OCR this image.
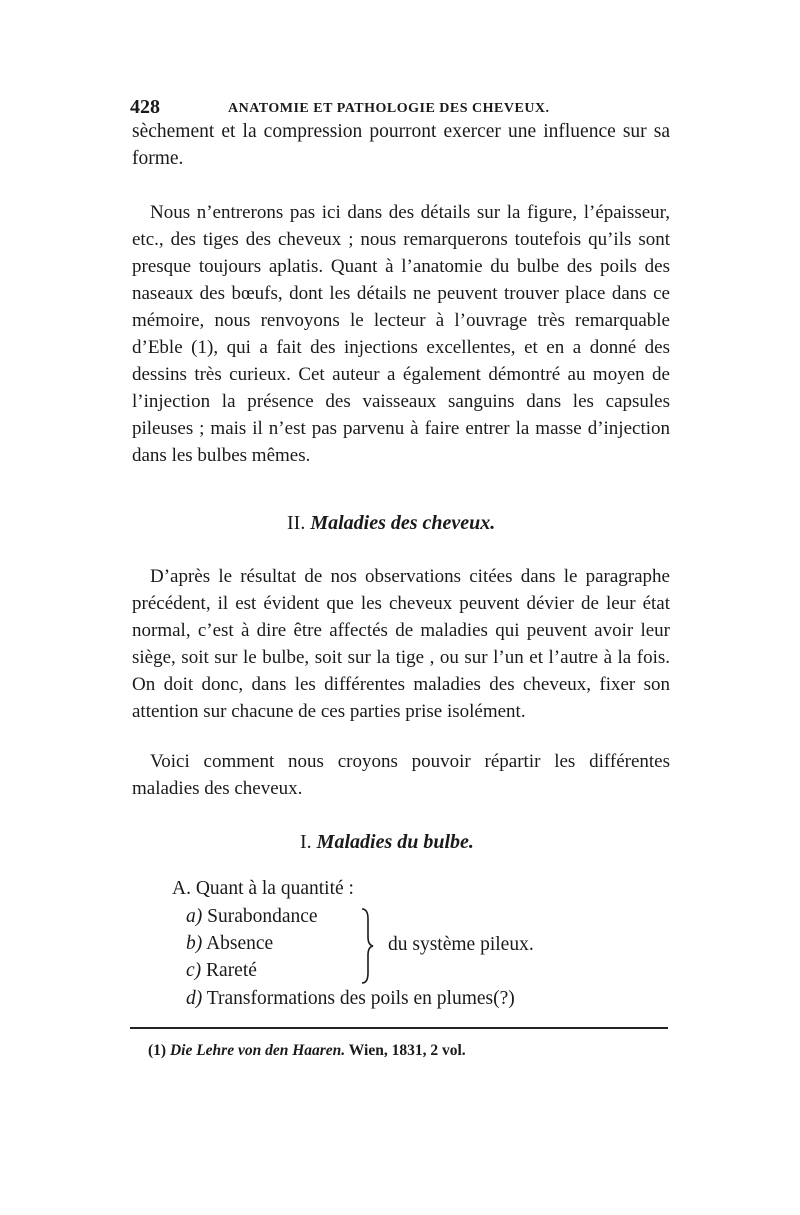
428	ANATOMIE ET PATHOLOGIE DES CHEVEUX.

sèchement et la compression pourront exercer une influence sur sa forme.

Nous n’entrerons pas ici dans des détails sur la figure, l’épaisseur, etc., des tiges des cheveux ; nous remarquerons toutefois qu’ils sont presque toujours aplatis. Quant à l’anatomie du bulbe des poils des naseaux des bœufs, dont les détails ne peuvent trouver place dans ce mémoire, nous renvoyons le lecteur à l’ouvrage très remarquable d’Eble (1), qui a fait des injections excellentes, et en a donné des dessins très curieux. Cet auteur a également démontré au moyen de l’injection la présence des vaisseaux sanguins dans les capsules pileuses ; mais il n’est pas parvenu à faire entrer la masse d’injection dans les bulbes mêmes.

II. Maladies des cheveux.

D’après le résultat de nos observations citées dans le paragraphe précédent, il est évident que les cheveux peuvent dévier de leur état normal, c’est à dire être affectés de maladies qui peuvent avoir leur siège, soit sur le bulbe, soit sur la tige , ou sur l’un et l’autre à la fois. On doit donc, dans les différentes maladies des cheveux, fixer son attention sur chacune de ces parties prise isolément.

Voici comment nous croyons pouvoir répartir les différentes maladies des cheveux.

I. Maladies du bulbe.
A. Quant à la quantité :
a) Surabondance
b) Absence
c) Rareté
d) Transformations des poils en plumes(?)
du système pileux.
(1) Die Lehre von den Haaren. Wien, 1831, 2 vol.
